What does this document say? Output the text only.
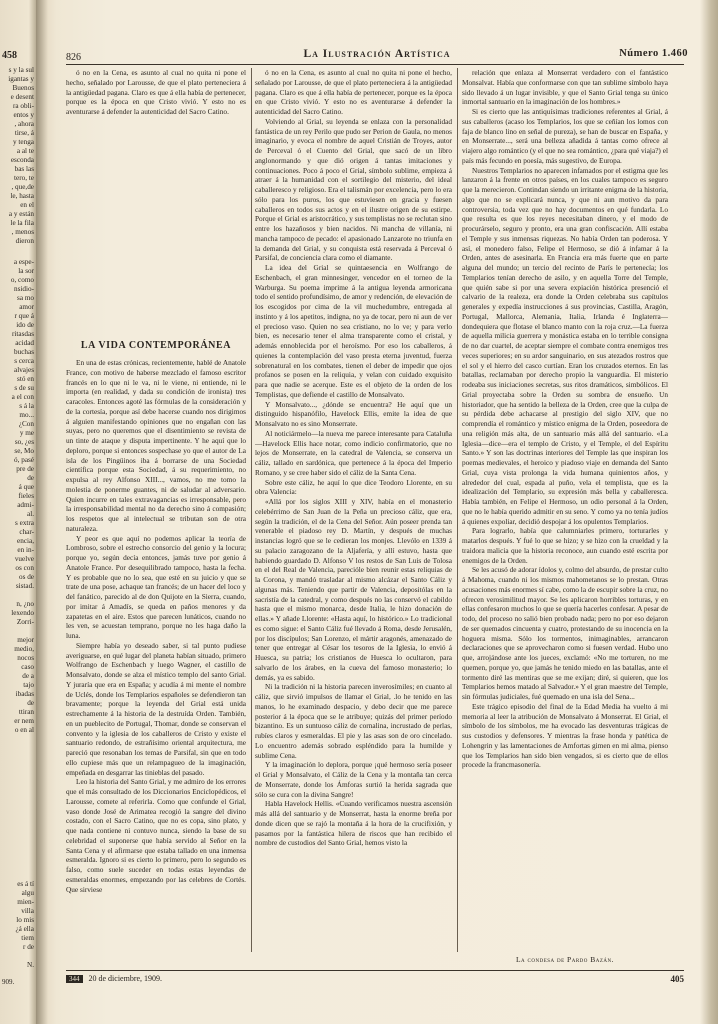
458
s y la sul
igantas y
Buenos
e desent
ra obli-
entos y
, ahora
tirse, á
y tenga
a al te
esconda
bas las
tero, te
, que,de
le, hasta
en el
a y están
le la fila
, menos
dieron
a espe-
la sor
o, como
nsidio-
sa mo
amor
r que á
ido de
ritasdas
acidad
buchas
s cerca
alvajes
stó en
s de su
a el con
s á la
mo...
¿Con
y me
so, ¿es
se, Mo
ó, pasé
pre de
de
á que
fieles
admi-
al.
s extra
char-
encia,
en in-
vuelve
os con
os de
sistad.
n, ¿no
lexendo
Zorri-
mejor
medio,
nocos
caso
de a
tajo
ibadas
de
ttiran
er nem
o en al
es á tí
algu
mien-
villa
lo mis
¿á ella
tiem
r de
N.
909.
La Ilustración Artística	Número 1.460
826

ó no en la Cena, es asunto al cual no quita ni pone el hecho, señalado por Larousse, de que el plato perteneciera á la antigüedad pagana. Claro es que á ella había de pertenecer, porque es la época en que Cristo vivió. Y esto no es aventurarse á defender la autenticidad del Sacro Catino.

LA VIDA CONTEMPORÁNEA

En una de estas crónicas, recientemente, hablé de Anatole France, con motivo de haberse mezclado el famoso escritor francés en lo que ni le va, ni le viene, ni entiende, ni le importa (en realidad, y dada su condición de ironista) tres caracoles. Entonces agoté las fórmulas de la consideración y de la cortesía, porque así debe hacerse cuando nos dirigimos á alguien manifestando opiniones que no engañan con las suyas, pero no queremos que el disentimiento se revista de un tinte de ataque y disputa impertinente. Y he aquí que lo deploro, porque si entonces sospechase yo que el autor de La isla de los Pingüinos iba á borrarse de una Sociedad científica porque esta Sociedad, á su requerimiento, no expulsa al rey Alfonso XIII..., vamos, no me tomo la molestia de ponerme guantes, ni de saludar al adversario. Quien incurre en tales extravagancias es irresponsable, pero la irresponsabilidad mental no da derecho sino á compasión; los respetos que al intelectual se tributan son de otra naturaleza.

Y peor es que aquí no podemos aplicar la teoría de Lombroso, sobre el estrecho consorcio del genio y la locura; porque yo, según decía entonces, jamás tuve por genio á Anatole France. Por desequilibrado tampoco, hasta la fecha. Y es probable que no lo sea, que esté en su juicio y que se trate de una pose, achaque tan francés; de un hacer del loco y del fanático, parecido al de don Quijote en la Sierra, cuando, por imitar á Amadís, se queda en paños menores y da zapatetas en el aire. Estos que parecen lunáticos, cuando no les ven, se acuestan temprano, porque no les haga daño la luna.

Siempre había yo deseado saber, si tal punto pudiese averiguarse, en qué lugar del planeta habían situado, primero Wolfrango de Eschenbach y luego Wagner, el castillo de Monsalvato, donde se alza el místico templo del santo Grial. Y juraría que era en España; y acudía á mi mente el nombre de Uclés, donde los Templarios españoles se defendieron tan bravamente; porque la leyenda del Grial está unida estrechamente á la historia de la destruída Orden. También, en un pueblecito de Portugal, Thomar, donde se conservan el convento y la iglesia de los caballeros de Cristo y existe el santuario redondo, de estrañísimo oriental arquitectura, me pareció que resonaban los temas de Parsifal, sin que en todo ello cupiese más que un relampagueo de la imaginación, empeñada en desgarrar las tinieblas del pasado.

Leo la historia del Santo Grial, y me admiro de los errores que el más consultado de los Diccionarios Enciclopédicos, el Larousse, comete al referirla. Como que confunde el Grial, vaso donde José de Arimatea recogió la sangre del divino costado, con el Sacro Catino, que no es copa, sino plato, y que nada contiene ni contuvo nunca, siendo la base de su celebridad el suponerse que había servido al Señor en la Santa Cena y el afirmarse que estaba tallado en una inmensa esmeralda. Ignoro si es cierto lo primero, pero lo segundo es falso, como suele suceder en todas estas leyendas de esmeraldas enormes, empezando por las celebres de Cortés. Que sirviese

ó no en la Cena, es asunto al cual no quita ni pone el hecho, señalado por Larousse, de que el plato perteneciera á la antigüedad pagana. Claro es que á ella había de pertenecer, porque es la época en que Cristo vivió. Y esto no es aventurarse á defender la autenticidad del Sacro Catino.

Volviendo al Grial, su leyenda se enlaza con la personalidad fantástica de un rey Perilo que pudo ser Perion de Gaula, no menos imaginario, y evoca el nombre de aquel Cristián de Troyes, autor de Perceval ó el Cuento del Grial, que sacó de un libro anglonormando y que dió origen á tantas imitaciones y continuaciones. Poco á poco el Grial, símbolo sublime, empieza á atraer á la humanidad con el sortilegio del misterio, del ideal caballeresco y religioso. Era el talismán por excelencia, pero lo era sólo para los puros, los que estuviesen en gracia y fuesen caballeros en todos sus actos y en el ilustre origen de su estirpe. Porque el Grial es aristocrático, y sus templistas no se reclutan sino entre los hazañosos y bien nacidos. Ni mancha de villanía, ni mancha tampoco de pecado: el apasionado Lanzarote no triunfa en la demanda del Grial, y su conquista está reservada á Perceval ó Parsifal, de conciencia clara como el diamante.

La idea del Grial se quintaesencia en Wolfrango de Eschenbach, el gran minnesinger, vencedor en el torneo de la Warburga. Su poema imprime á la antigua leyenda armoricana todo el sentido profundísimo, de amor y redención, de elevación de los escogidos por cima de la vil muchedumbre, entregada al instinto y á los apetitos, indigna, no ya de tocar, pero ni aun de ver el precioso vaso. Quien no sea cristiano, no lo ve; y para verlo bien, es necesario tener el alma transparente como el cristal, y además ennoblecida por el heroísmo. Por eso los caballeros, á quienes la contemplación del vaso presta eterna juventud, fuerza sobrenatural en los combates, tienen el deber de impedir que ojos profanos se posen en la reliquia, y velan con cuidado exquisito para que nadie se acerque. Este es el objeto de la orden de los Templistas, que defiende el castillo de Monsalvato.

Y Monsalvato..., ¿dónde se encuentra? He aquí que un distinguido hispanófilo, Havelock Ellis, emite la idea de que Monsalvato no es sino Monserrate.

Al noticiármelo—la nueva me parece interesante para Cataluña—Havelock Ellis hace notar, como indicio confirmatorio, que no lejos de Monserrate, en la catedral de Valencia, se conserva un cáliz, tallado en sardónica, que pertenece á la época del Imperio Romano, y se cree haber sido el cáliz de la Santa Cena.

Sobre este cáliz, he aquí lo que dice Teodoro Llorente, en su obra Valencia:

«Allá por los siglos XIII y XIV, había en el monasterio celebérrimo de San Juan de la Peña un precioso cáliz, que era, según la tradición, el de la Cena del Señor. Aún poseer prenda tan venerable el piadoso rey D. Martín, y después de muchas instancias logró que se le cedieran los monjes. Llevólo en 1339 á su palacio zaragozano de la Aljafería, y allí estuvo, hasta que habiendo guardado D. Alfonso V los restos de San Luis de Tolosa en el del Real de Valencia, parecióle bien reunir estas reliquias de la Corona, y mandó trasladar al mismo alcázar el Santo Cáliz y algunas más. Teniendo que partir de Valencia, depositólas en la sacristía de la catedral, y como después no las conservó el cabildo hasta que el mismo monarca, desde Italia, le hizo donación de ellas.» Y añade Llorente: «Hasta aquí, lo histórico.» Lo tradicional es como sigue: el Santo Cáliz fué llevado á Roma, desde Jerusalén, por los discípulos; San Lorenzo, el mártir aragonés, amenazado de tener que entregar al César los tesoros de la Iglesia, lo envió á Huesca, su patria; los cristianos de Huesca lo ocultaron, para salvarlo de los árabes, en la cueva del famoso monasterio; lo demás, ya es sabido.

Ni la tradición ni la historia parecen inverosímiles; en cuanto al cáliz, que sirvió impulsos de llamar el Grial, .lo he tenido en las manos, lo he examinado despacio, y debo decir que me parece posterior á la época que se le atribuye; quizás del primer período bizantino. Es un suntuoso cáliz de cornalina, incrustado de perlas, rubíes claros y esmeraldas. El pie y las asas son de oro cincelado. Lo encuentro además sobrado espléndido para la humilde y sublime Cena.

Y la imaginación lo deplora, porque ¡qué hermoso sería poseer el Grial y Monsalvato, el Cáliz de la Cena y la montaña tan cerca de Monserrate, donde los Ámforas surtió la herida sagrada que sólo se cura con la divina Sangre!

Habla Havelock Hellis. «Cuando verificamos nuestra ascensión más allá del santuario y de Monserrat, hasta la enorme breña por donde dicen que se rajó la montaña á la hora de la crucifixión, y pasamos por la fantástica hilera de riscos que han recibido el nombre de custodios del Santo Grial, hemos visto la

relación que enlaza al Monserrat verdadero con el fantástico Monsalvat. Había que conformarse con que tan sublime símbolo haya sido llevado á un lugar invisible, y que el Santo Grial tenga su único inmortal santuario en la imaginación de los hombres.»

Si es cierto que las antiquísimas tradiciones referentes al Grial, á sus caballeros (acaso los Templarios, los que se ceñían los lomos con faja de blanco lino en señal de pureza), se han de buscar en España, y en Monserrate..., será una belleza añadida á tantas como ofrece al viajero algo romántico (y el que no sea romántico, ¿para qué viaja?) el país más fecundo en poesía, más sugestivo, de Europa.

Nuestros Templarios no aparecen infamados por el estigma que les lanzaron á la frente en otros países, en los cuales tampoco es seguro que la merecieron. Contindan siendo un irritante enigma de la historia, algo que no se explicará nunca, y que ni aun motivo da para controversia, toda vez que no hay documentos en qué fundarla. Lo que resulta es que los reyes necesitaban dinero, y el modo de procurárselo, seguro y pronto, era una gran confiscación. Allí estaba el Temple y sus inmensas riquezas. No había Orden tan poderosa. Y así, el monedero falso, Felipe el Hermoso, se dió á infamar á la Orden, antes de asesinarla. En Francia era más fuerte que en parte alguna del mundo; un tercio del recinto de París le pertenecía; los Templarios tenían derecho de asilo, y en aquella Torre del Temple, que quién sabe si por una severa expiación histórica presenció el calvario de la realeza, era donde la Orden celebraba sus capítulos generales y expedía instrucciones á sus provincias, Castilla, Aragón, Portugal, Mallorca, Alemania, Italia, Irlanda é Inglaterra—dondequiera que flotase el blanco manto con la roja cruz.—La fuerza de aquella milicia guerrera y monástica estaba en lo terrible consigna de no dar cuartel, de aceptar siempre el combate contra enemigos tres veces superiores; en su ardor sanguinario, en sus atezados rostros que el sol y el hierro del casco curtían. Eran los cruzados eternos. En las batallas, reclamaban por derecho propio la vanguardia. El misterio rodeaba sus iniciaciones secretas, sus ritos dramáticos, simbólicos. El Grial proyectaba sobre la Orden su sombra de ensueño. Un historiador, que ha sentido la belleza de la Orden, cree que la culpa de su pérdida debe achacarse al prestigio del siglo XIV, que no comprendía el romántico y místico enigma de la Orden, poseedora de una religión más alta, de un santuario más allá del santuario. «La Iglesia—dice—era el templo de Cristo, y el Temple, el del Espíritu Santo.» Y son las doctrinas interiores del Temple las que inspiran los poemas medievales, el heroico y piadoso viaje en demanda del Santo Grial, cuya vista prolonga la vida humana quinientos años, y alrededor del cual, espada al puño, vela el templista, que es la idealización del Templario, su expresión más bella y caballeresca. Había también, en Felipe el Hermoso, un odio personal á la Orden, que no le había querido admitir en su seno. Y como ya no tenía judíos á quienes expoliar, decidió despojar á los opulentos Templarios.

Para lograrlo, había que calumniarles primero, torturarles y matarlos después. Y fué lo que se hizo; y se hizo con la crueldad y la traidora malicia que la historia reconoce, aun cuando esté escrita por enemigos de la Orden.

Se les acusó de adorar ídolos y, colmo del absurdo, de prestar culto á Mahoma, cuando ni los mismos mahometanos se lo prestan. Otras acusaciones más enormes sí cabe, como la de escupir sobre la cruz, no ofrecen verosimilitud mayor. Se les aplicaron horribles torturas, y en ellas confesaron muchos lo que se quería hacerles confesar. A pesar de todo, del proceso no salió bien probado nada; pero no por eso dejaron de ser quemados cincuenta y cuatro, protestando de su inocencia en la hoguera misma. Sólo los tormentos, inimaginables, arrancaron declaraciones que se aprovecharon como si fuesen verdad. Hubo uno que, arrojándose ante los jueces, exclamó: «No me torturen, no me quemen, porque yo, que jamás he tenido miedo en las batallas, ante el tormento diré las mentiras que se me exijan; diré, si quieren, que los Templarios hemos matado al Salvador.» Y el gran maestre del Temple, sin fórmulas judiciales, fué quemado en una isla del Sena...

Este trágico episodio del final de la Edad Media ha vuelto á mi memoria al leer la atribución de Monsalvato á Monserrat. El Grial, el símbolo de los símbolos, me ha evocado las desventuras trágicas de sus custodios y defensores. Y mientras la frase honda y patética de Lohengrin y las lamentaciones de Amfortas gimen en mi alma, pienso que los Templarios han sido bien vengados, si es cierto que de ellos procede la francmasonería.

La condesa de Pardo Bazán.
344 20 de diciembre, 1909.	405
